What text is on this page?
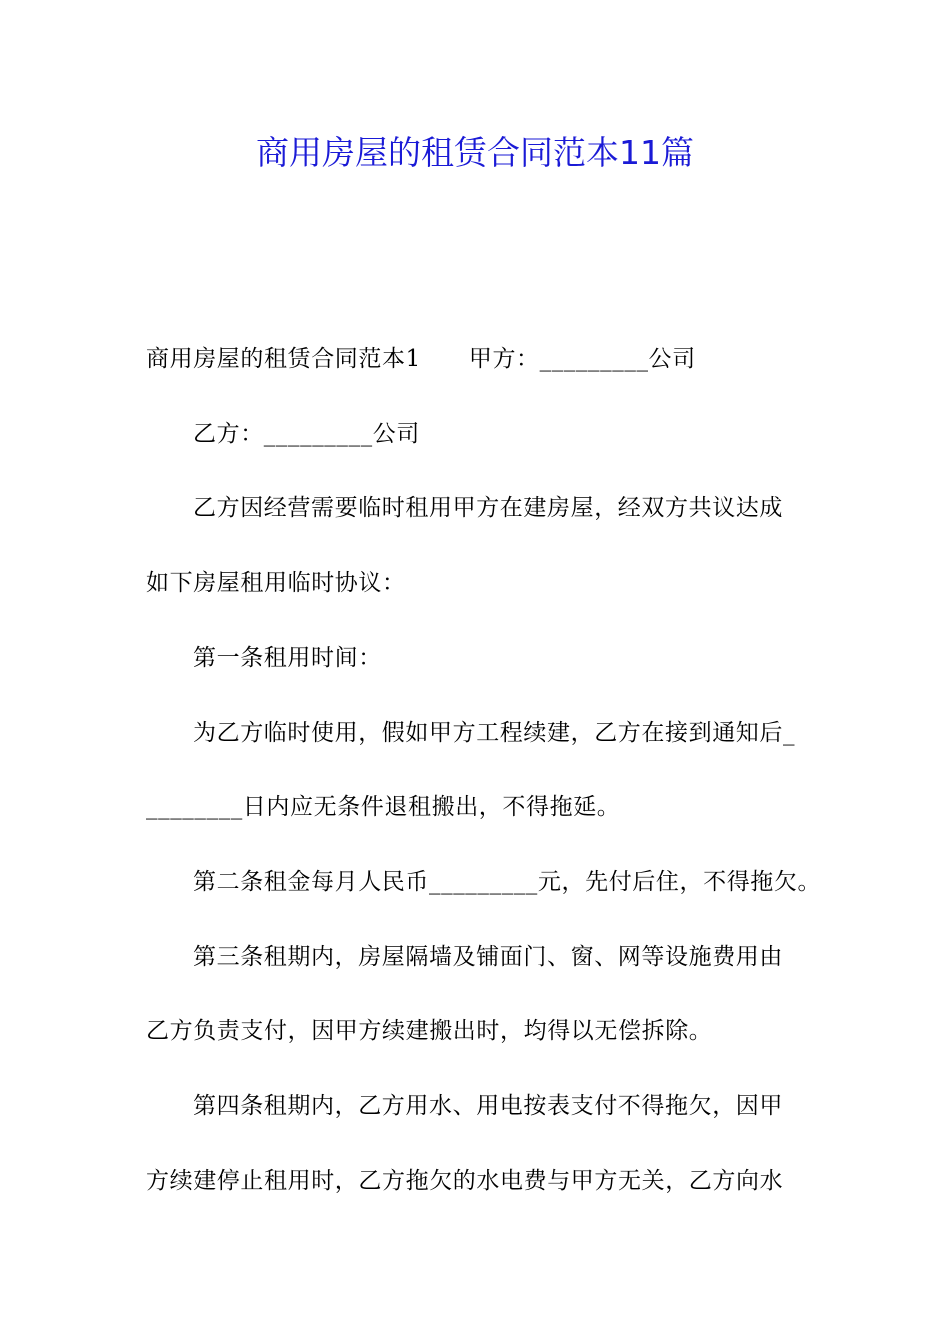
商用房屋的租赁合同范本11篇
商用房屋的租赁合同范本1 甲方：_________公司
乙方：_________公司
乙方因经营需要临时租用甲方在建房屋，经双方共议达成
如下房屋租用临时协议：
第一条租用时间：
为乙方临时使用，假如甲方工程续建，乙方在接到通知后_
________日内应无条件退租搬出，不得拖延。
第二条租金每月人民币_________元，先付后住，不得拖欠。
第三条租期内，房屋隔墙及铺面门、窗、网等设施费用由
乙方负责支付，因甲方续建搬出时，均得以无偿拆除。
第四条租期内，乙方用水、用电按表支付不得拖欠，因甲
方续建停止租用时，乙方拖欠的水电费与甲方无关，乙方向水
